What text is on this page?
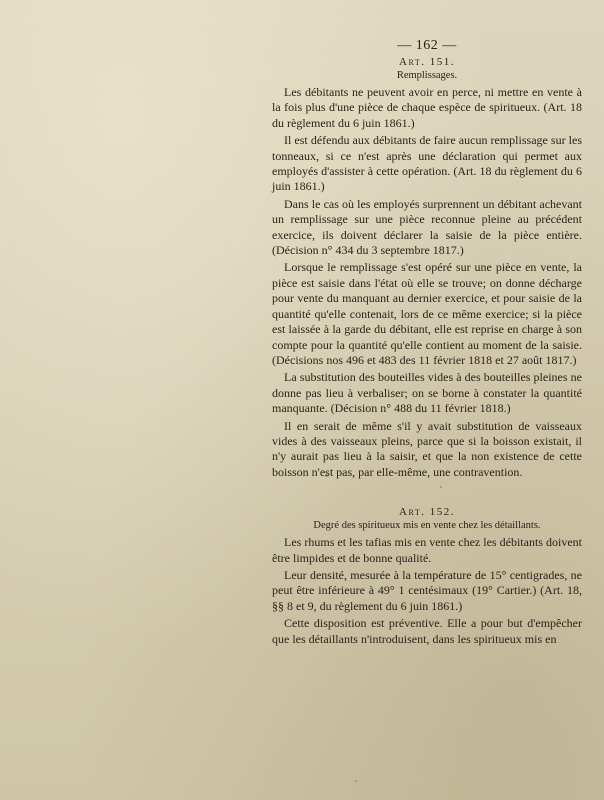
— 162 —
Art. 151.
Remplissages.

Les débitants ne peuvent avoir en perce, ni mettre en vente à la fois plus d'une pièce de chaque espèce de spiritueux. (Art. 18 du règlement du 6 juin 1861.)

Il est défendu aux débitants de faire aucun remplissage sur les tonneaux, si ce n'est après une déclaration qui permet aux employés d'assister à cette opération. (Art. 18 du règlement du 6 juin 1861.)

Dans le cas où les employés surprennent un débitant achevant un remplissage sur une pièce reconnue pleine au précédent exercice, ils doivent déclarer la saisie de la pièce entière. (Décision n° 434 du 3 septembre 1817.)

Lorsque le remplissage s'est opéré sur une pièce en vente, la pièce est saisie dans l'état où elle se trouve; on donne décharge pour vente du manquant au dernier exercice, et pour saisie de la quantité qu'elle contenait, lors de ce même exercice; si la pièce est laissée à la garde du débitant, elle est reprise en charge à son compte pour la quantité qu'elle contient au moment de la saisie. (Décisions nos 496 et 483 des 11 février 1818 et 27 août 1817.)

La substitution des bouteilles vides à des bouteilles pleines ne donne pas lieu à verbaliser; on se borne à constater la quantité manquante. (Décision n° 488 du 11 février 1818.)

Il en serait de même s'il y avait substitution de vaisseaux vides à des vaisseaux pleins, parce que si la boisson existait, il n'y aurait pas lieu à la saisir, et que la non existence de cette boisson n'est pas, par elle-même, une contravention.

Art. 152.
Degré des spiritueux mis en vente chez les détaillants.

Les rhums et les tafias mis en vente chez les débitants doivent être limpides et de bonne qualité.

Leur densité, mesurée à la température de 15° centigrades, ne peut être inférieure à 49° 1 centésimaux (19° Cartier.) (Art. 18, §§ 8 et 9, du règlement du 6 juin 1861.)

Cette disposition est préventive. Elle a pour but d'empêcher que les détaillants n'introduisent, dans les spiritueux mis en
